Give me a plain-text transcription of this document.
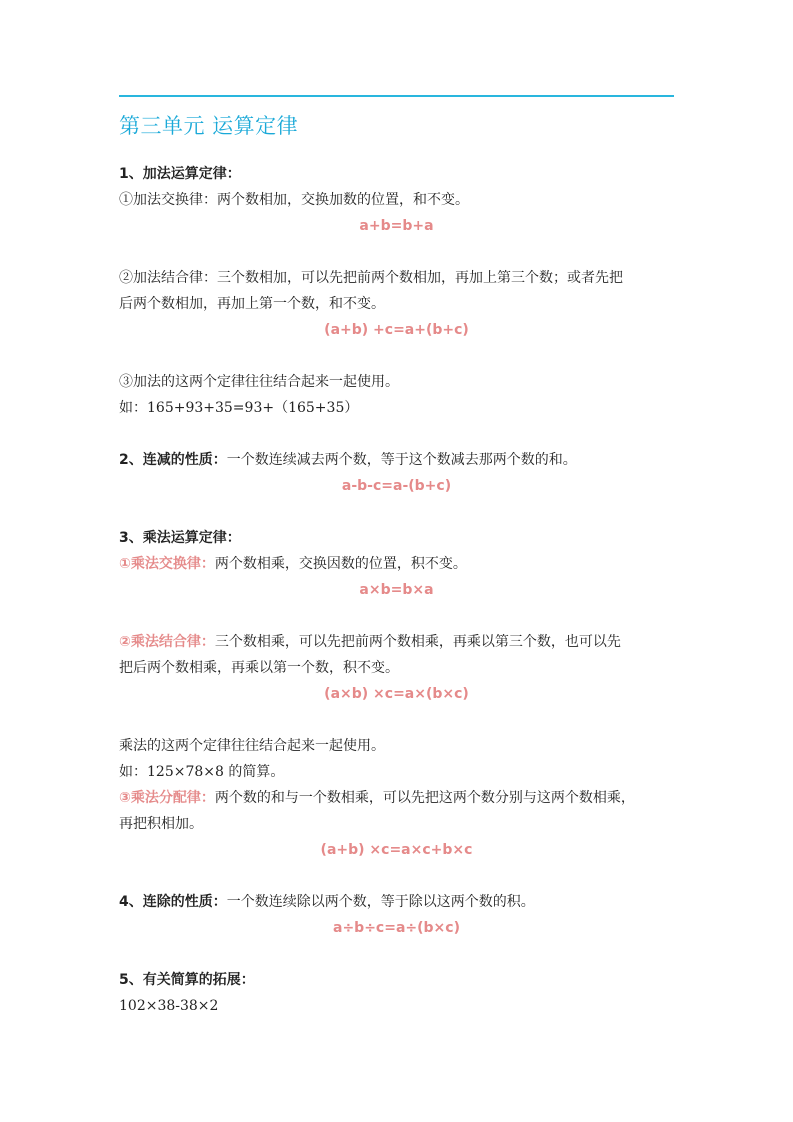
第三单元 运算定律
1、加法运算定律：
①加法交换律：两个数相加，交换加数的位置，和不变。
a+b=b+a
②加法结合律：三个数相加，可以先把前两个数相加，再加上第三个数；或者先把
后两个数相加，再加上第一个数，和不变。
(a+b) +c=a+(b+c)
③加法的这两个定律往往结合起来一起使用。
如：165+93+35=93+（165+35）
2、连减的性质：一个数连续减去两个数，等于这个数减去那两个数的和。
a-b-c=a-(b+c)
3、乘法运算定律：
①乘法交换律：两个数相乘，交换因数的位置，积不变。
a×b=b×a
②乘法结合律：三个数相乘，可以先把前两个数相乘，再乘以第三个数，也可以先
把后两个数相乘，再乘以第一个数，积不变。
(a×b) ×c=a×(b×c)
乘法的这两个定律往往结合起来一起使用。
如：125×78×8 的简算。
③乘法分配律：两个数的和与一个数相乘，可以先把这两个数分别与这两个数相乘，
再把积相加。
(a+b) ×c=a×c+b×c
4、连除的性质：一个数连续除以两个数，等于除以这两个数的积。
a÷b÷c=a÷(b×c)
5、有关简算的拓展：
102×38-38×2
